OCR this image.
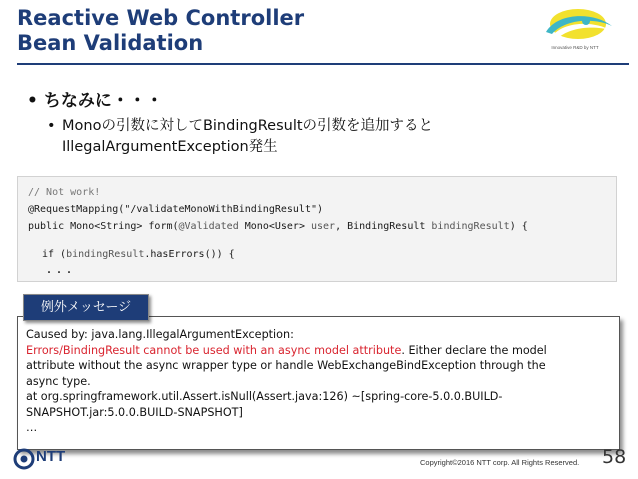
Reactive Web Controller
Bean Validation	Innovative R&D by NTT
• ちなみに・・・
• Monoの引数に対してBindingResultの引数を追加すると
IllegalArgumentException発生
// Not work!
@RequestMapping("/validateMonoWithBindingResult")
public Mono<String> form(@Validated Mono<User> user, BindingResult bindingResult) {
if (bindingResult.hasErrors()) {
・・・
Caused by: java.lang.IllegalArgumentException:
Errors/BindingResult cannot be used with an async model attribute. Either declare the model
attribute without the async wrapper type or handle WebExchangeBindException through the
async type.
at org.springframework.util.Assert.isNull(Assert.java:126) ~[spring-core-5.0.0.BUILD-
SNAPSHOT.jar:5.0.0.BUILD-SNAPSHOT]
…
例外メッセージ
NTT	Copyright©2016 NTT corp. All Rights Reserved. 58
